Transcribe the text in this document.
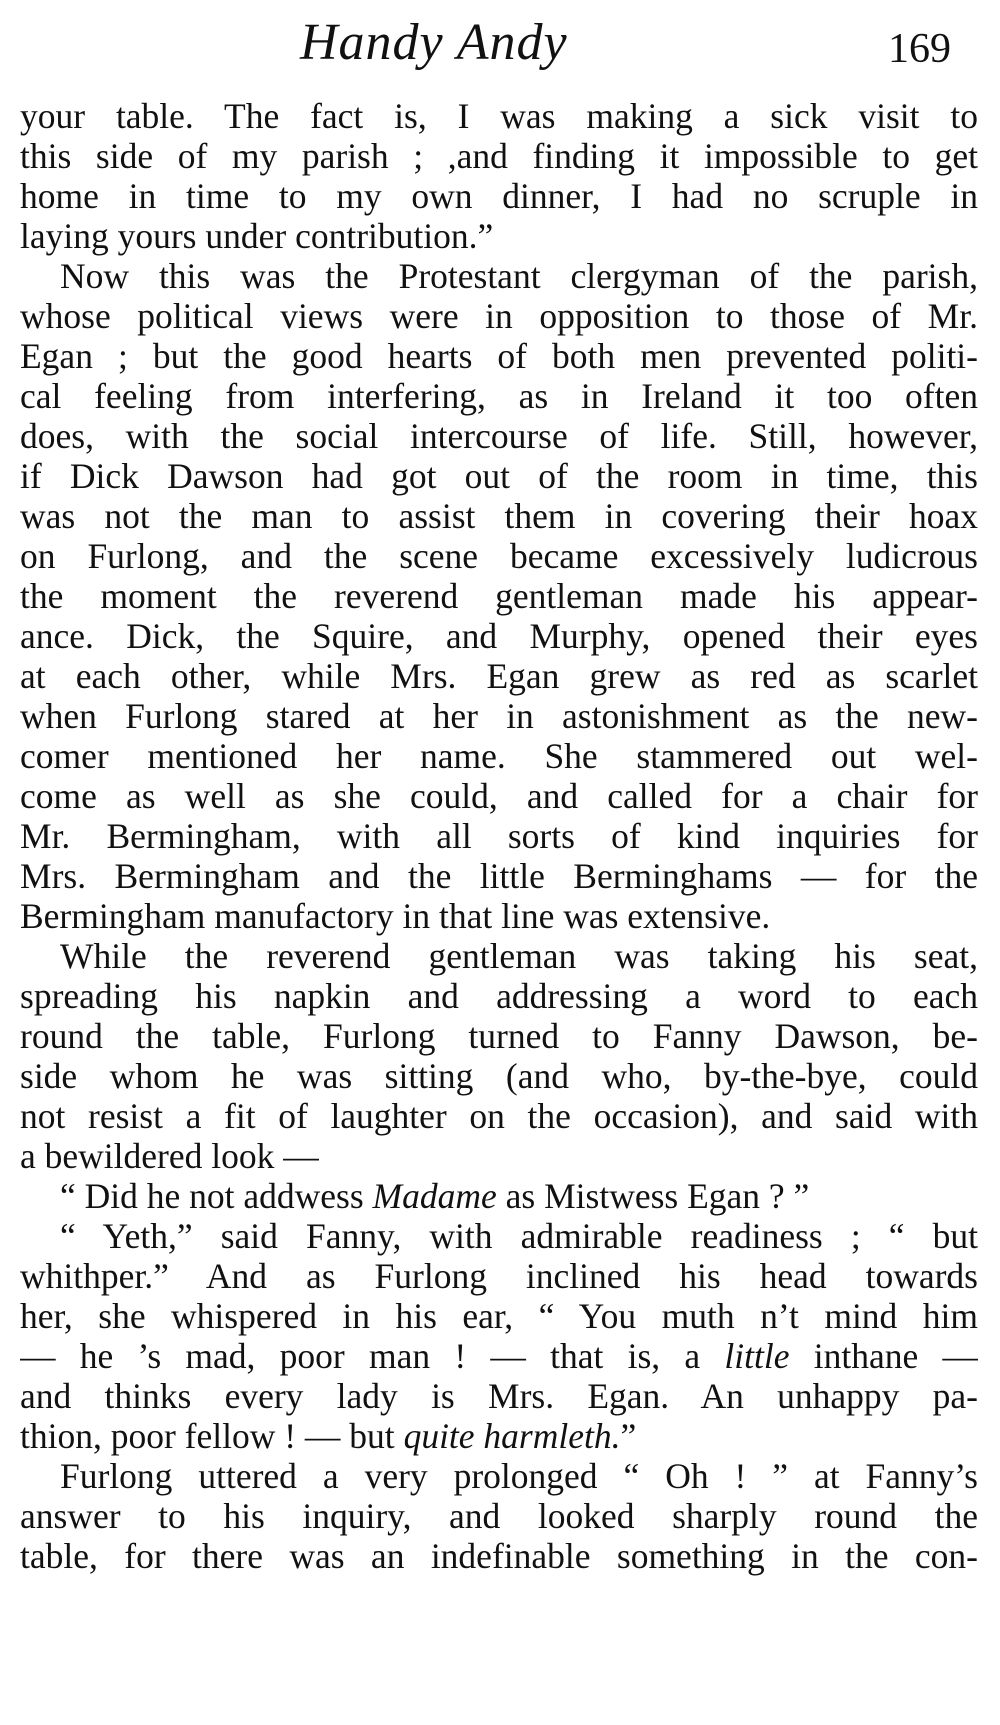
Handy Andy	169
your table. The fact is, I was making a sick visit to
this side of my parish ; ,and finding it impossible to get
home in time to my own dinner, I had no scruple in
laying yours under contribution.”
Now this was the Protestant clergyman of the parish,
whose political views were in opposition to those of Mr.
Egan ; but the good hearts of both men prevented politi-
cal feeling from interfering, as in Ireland it too often
does, with the social intercourse of life. Still, however,
if Dick Dawson had got out of the room in time, this
was not the man to assist them in covering their hoax
on Furlong, and the scene became excessively ludicrous
the moment the reverend gentleman made his appear-
ance. Dick, the Squire, and Murphy, opened their eyes
at each other, while Mrs. Egan grew as red as scarlet
when Furlong stared at her in astonishment as the new-
comer mentioned her name. She stammered out wel-
come as well as she could, and called for a chair for
Mr. Bermingham, with all sorts of kind inquiries for
Mrs. Bermingham and the little Berminghams — for the
Bermingham manufactory in that line was extensive.
While the reverend gentleman was taking his seat,
spreading his napkin and addressing a word to each
round the table, Furlong turned to Fanny Dawson, be-
side whom he was sitting (and who, by-the-bye, could
not resist a fit of laughter on the occasion), and said with
a bewildered look —
“ Did he not addwess Madame as Mistwess Egan ? ”
“ Yeth,” said Fanny, with admirable readiness ; “ but
whithper.” And as Furlong inclined his head towards
her, she whispered in his ear, “ You muth n’t mind him
— he ’s mad, poor man ! — that is, a little inthane —
and thinks every lady is Mrs. Egan. An unhappy pa-
thion, poor fellow ! — but quite harmleth.”
Furlong uttered a very prolonged “ Oh ! ” at Fanny’s
answer to his inquiry, and looked sharply round the
table, for there was an indefinable something in the con-
